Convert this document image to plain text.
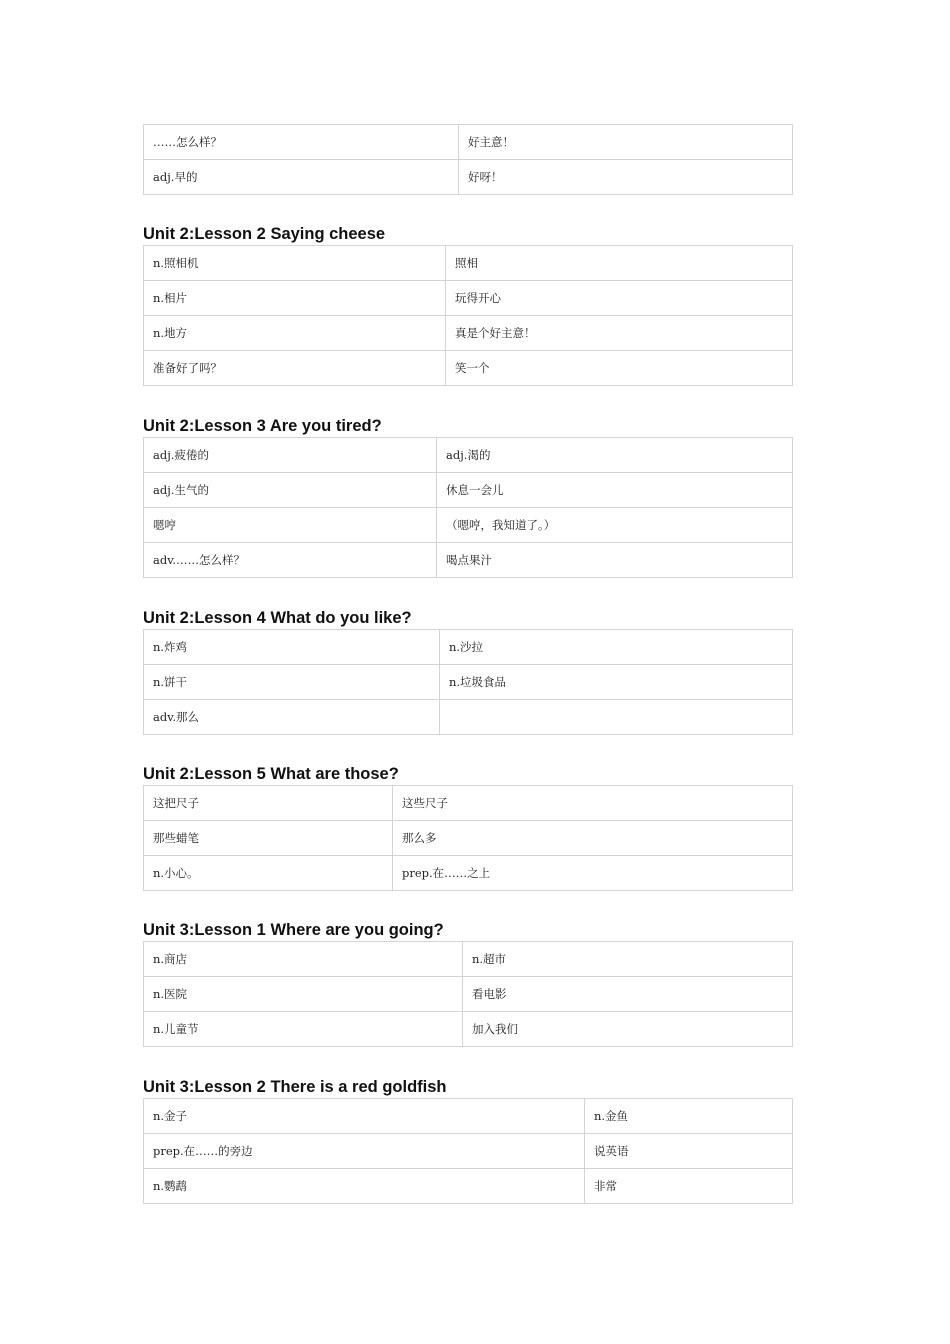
……怎么样？	好主意！
adj.早的	好呀！
Unit 2:Lesson 2 Saying cheese
n.照相机	照相
n.相片	玩得开心
n.地方	真是个好主意！
准备好了吗？	笑一个
Unit 2:Lesson 3 Are you tired?
adj.疲倦的	adj.渴的
adj.生气的	休息一会儿
嗯哼	（嗯哼，我知道了。）
adv.……怎么样？	喝点果汁
Unit 2:Lesson 4 What do you like?
n.炸鸡	n.沙拉
n.饼干	n.垃圾食品
adv.那么	
Unit 2:Lesson 5 What are those?
这把尺子	这些尺子
那些蜡笔	那么多
n.小心。	prep.在……之上
Unit 3:Lesson 1 Where are you going?
n.商店	n.超市
n.医院	看电影
n.儿童节	加入我们
Unit 3:Lesson 2 There is a red goldfish
n.金子	n.金鱼
prep.在……的旁边	说英语
n.鹦鹉	非常
